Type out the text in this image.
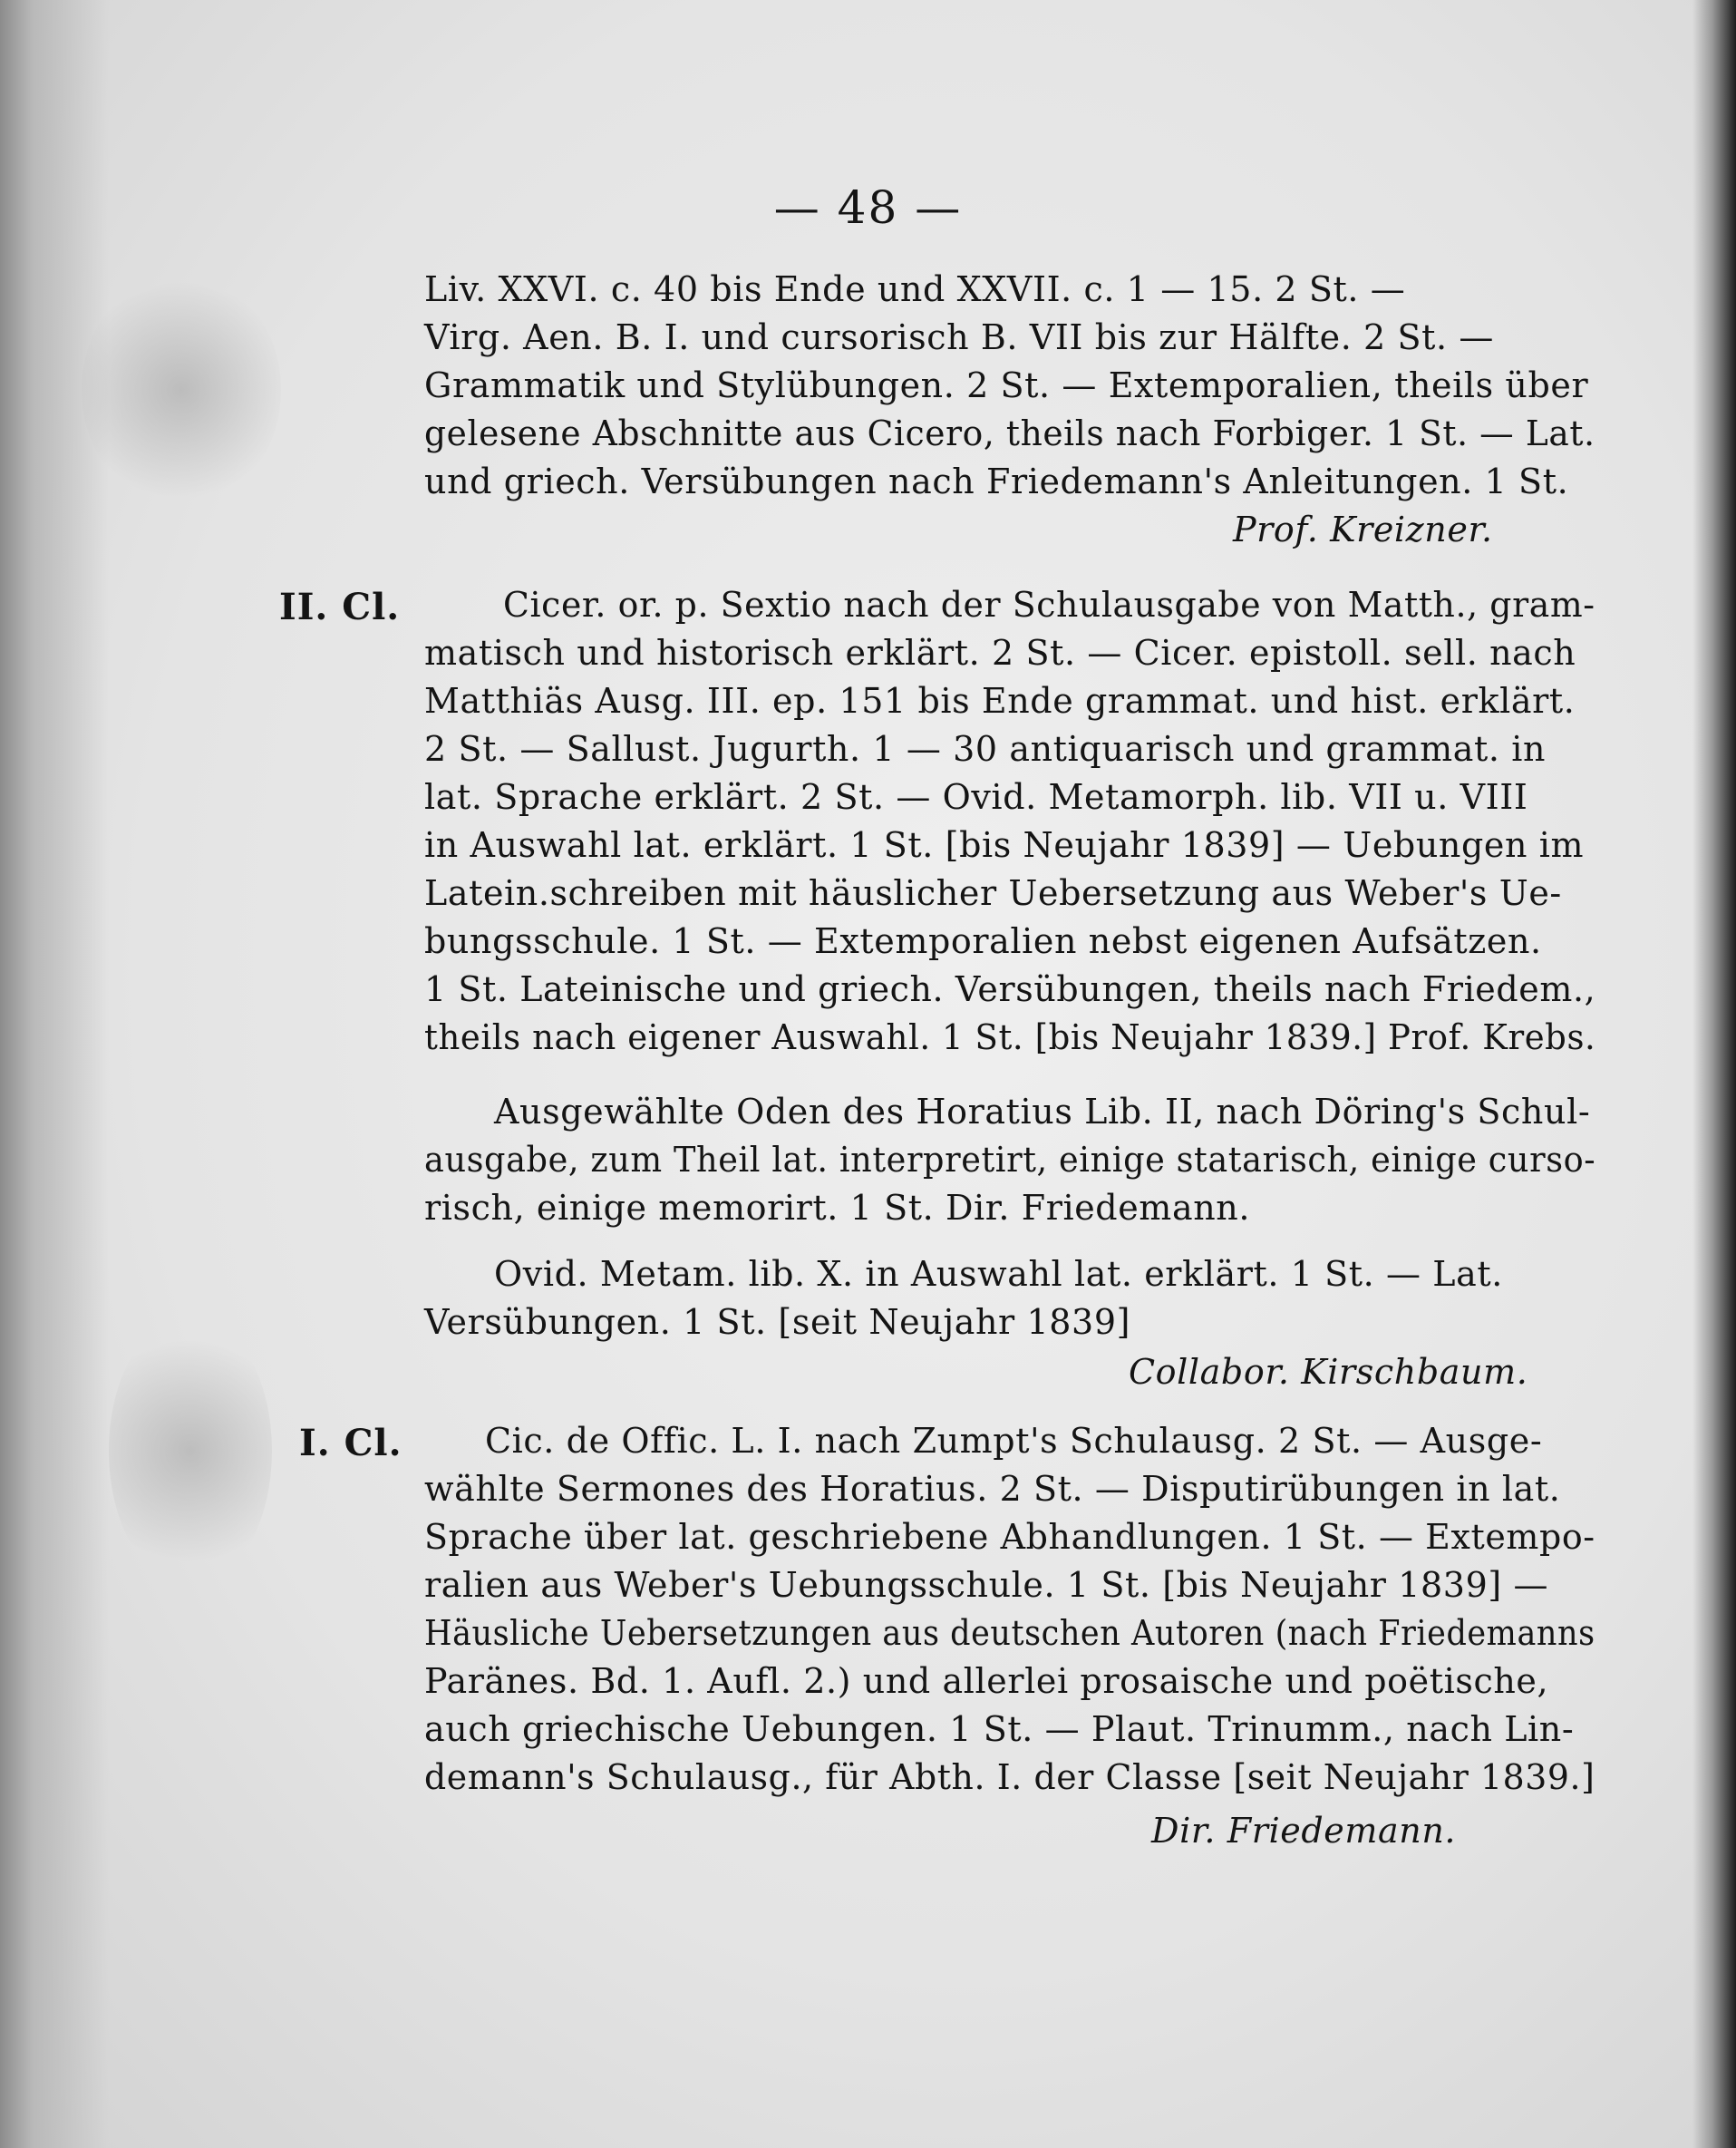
— 48 —
Liv. XXVI. c. 40 bis Ende und XXVII. c. 1 — 15. 2 St. —
Virg. Aen. B. I. und cursorisch B. VII bis zur Hälfte. 2 St. —
Grammatik und Stylübungen. 2 St. — Extemporalien, theils über
gelesene Abschnitte aus Cicero, theils nach Forbiger. 1 St. — Lat.
und griech. Versübungen nach Friedemann's Anleitungen. 1 St.
Prof. Kreizner.
II. Cl.	Cicer. or. p. Sextio nach der Schulausgabe von Matth., gram-
matisch und historisch erklärt. 2 St. — Cicer. epistoll. sell. nach
Matthiäs Ausg. III. ep. 151 bis Ende grammat. und hist. erklärt.
2 St. — Sallust. Jugurth. 1 — 30 antiquarisch und grammat. in
lat. Sprache erklärt. 2 St. — Ovid. Metamorph. lib. VII u. VIII
in Auswahl lat. erklärt. 1 St. [bis Neujahr 1839] — Uebungen im
Latein.schreiben mit häuslicher Uebersetzung aus Weber's Ue-
bungsschule. 1 St. — Extemporalien nebst eigenen Aufsätzen.
1 St. Lateinische und griech. Versübungen, theils nach Friedem.,
theils nach eigener Auswahl. 1 St. [bis Neujahr 1839.] Prof. Krebs.
Ausgewählte Oden des Horatius Lib. II, nach Döring's Schul-
ausgabe, zum Theil lat. interpretirt, einige statarisch, einige curso-
risch, einige memorirt. 1 St. Dir. Friedemann.
Ovid. Metam. lib. X. in Auswahl lat. erklärt. 1 St. — Lat.
Versübungen. 1 St. [seit Neujahr 1839]
Collabor. Kirschbaum.
I. Cl. Cic. de Offic. L. I. nach Zumpt's Schulausg. 2 St. — Ausge-
wählte Sermones des Horatius. 2 St. — Disputirübungen in lat.
Sprache über lat. geschriebene Abhandlungen. 1 St. — Extempo-
ralien aus Weber's Uebungsschule. 1 St. [bis Neujahr 1839] —
Häusliche Uebersetzungen aus deutschen Autoren (nach Friedemanns
Paränes. Bd. 1. Aufl. 2.) und allerlei prosaische und poëtische,
auch griechische Uebungen. 1 St. — Plaut. Trinumm., nach Lin-
demann's Schulausg., für Abth. I. der Classe [seit Neujahr 1839.]
Dir. Friedemann.
